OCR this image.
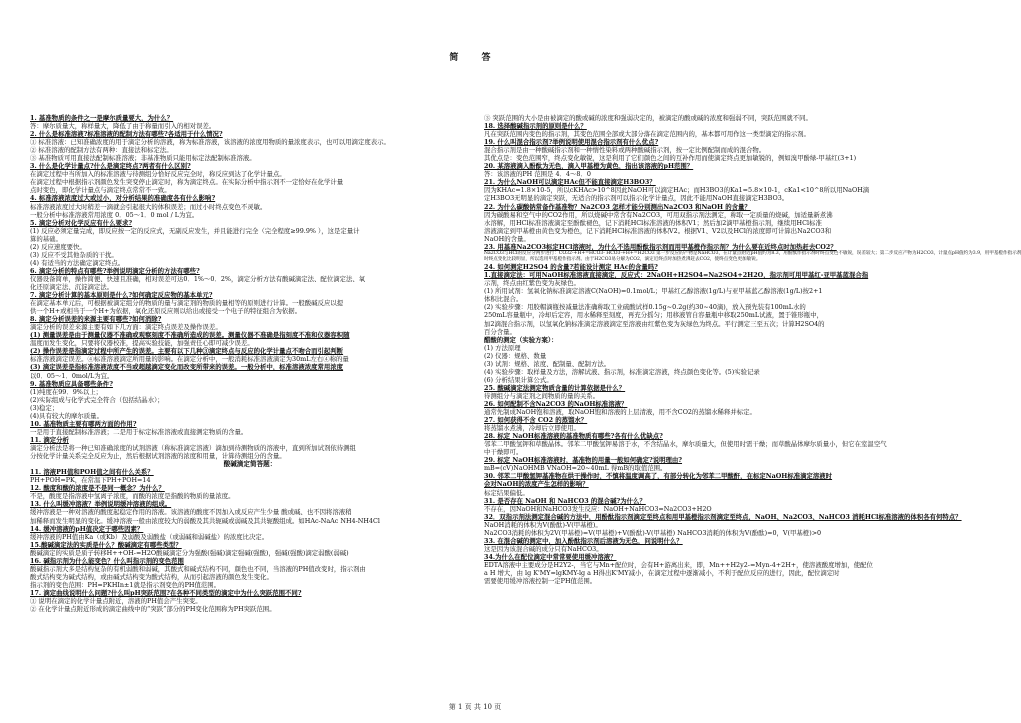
简 答
1. 基准物质的条件之一是摩尔质量要大，为什么？
答：摩尔质量大，称样量大，降低了由于称量而引入的相对误差。
2. 什么是标准溶液?标准溶液的配制方法有哪些?各适用于什么情况?
① 标准溶液：已知准确浓度的用于滴定分析的溶液，称为标准溶液，该溶液的浓度用物质的量浓度表示，也可以用滴定度表示。
② 标准溶液的配制方法有两种：直接法和标定法。
③ 基准物质可用直接法配制标准溶液；非基准物质只能用标定法配制标准溶液。
3. 什么是化学计量点?什么是滴定终点?两者有什么区别?
在滴定过程中当所加入的标准溶液与待测组分恰好反应完全时，称反应到达了化学计量点。
在滴定过程中根据指示剂颜色发生突变停止滴定时，称为滴定终点。在实际分析中指示剂不一定恰好在化学计量
点时变色，即化学计量点与滴定终点常常不一致。
4. 标准溶液浓度过大或过小，对分析结果的准确度各有什么影响?
标准溶液浓度过大时稍差一滴就会引起很大的体积误差；而过小时终点变色不灵敏。
一般分析中标准溶液常用浓度 0．05～1．0 mol / L为宜。
5. 滴定分析对化学反应有什么要求?
(1) 反应必须定量完成，即反应按一定的反应式，无副反应发生，并且能进行完全（完全程度≥99.9% ），这是定量计
算的基础。
(2) 反应速度要快。
(3) 反应不受其他杂质的干扰。
(4) 有适当的方法确定滴定终点。
6. 滴定分析的特点有哪些?举例说明滴定分析的方法有哪些?
仪器设备简单，操作简便、快速且准确，相对误差可达0．1%～0．2%，滴定分析方法有酸碱滴定法、配位滴定法、氧
化还原滴定法、沉淀滴定法。
7. 滴定分析计算的基本原则是什么?如何确定反应物的基本单元?
在滴定基本单元后，可根据被滴定组分的物质的量与滴定剂的物质的量相等的原则进行计算。一般酸碱反应以提
供一个H+或相当于一个H+为依据，氧化还原反应则以给出或接受一个电子的特征组合为依据。
8. 滴定分析误差的来源主要有哪些?如何消除?
滴定分析的误差来源主要有如下几方面：滴定终点误差及操作误差。
(1) 测量误差是由于测量仪器不准确或观察刻度不准确所造成的误差。测量仪器不准确是指刻度不准和仪器容积随
温度而发生变化，只要将仪器校准，提高实验技能，加强责任心即可减少误差。
(2) 操作误差是指滴定过程中所产生的误差。主要有以下几种③滴定终点与反应的化学计量点不吻合而引起判断
标准溶液滴定误差。④标准溶液滴定所用量的影响。在滴定分析中，一般消耗标准溶液滴定为30mL左右④称的量
(3) 滴定误差是指标准溶液浓度不当或超越滴定变化而改变所带来的误差。一般分析中，标准溶液浓度常用浓度
以0．05～1．0mol/L为宜。
9. 基准物质应具备哪些条件?
(1)纯度在99．9%以上；
(2)实际组成与化学式完全符合（包括结晶水）；
(3)稳定；
(4)具有较大的摩尔质量。
10. 基准物质主要有哪两方面的作用?
一是用于直接配制标准溶液；二是用于标定标准溶液或直接测定物质的含量。
11. 滴定分析
滴定分析法是将一种已知准确浓度的试剂溶液（称标准滴定溶液）滴加到待测物质的溶液中，直到所加试剂依待测组
分按化学计量关系完全反应为止，然后根据试剂溶液的浓度和用量，计算待测组分的含量。
酸碱滴定简答题：
11. 溶液PH值和POH值之间有什么关系？
PH+POH=PK，在常温下PH+POH=14
12. 酸度和酸的浓度是不是同一概念？为什么？
不是，酸度是指溶液中氢离子浓度，而酸的浓度是指酸的物质的量浓度。
13. 什么叫缓冲溶液？举例说明缓冲溶液的组成。
缓冲溶液是一种对溶液的酸度起稳定作用的溶液。该溶液的酸度不因加入或反应产生少量 酸或碱、也不因将溶液稍
加稀释而发生明显的变化。缓冲溶液一般由浓度较大的弱酸及其共轭碱或弱碱及其共轭酸组成。如HAc-NaAc NH4-NH4Cl
14. 缓冲溶液的pH值决定于哪些因素？
缓冲溶液的PH值由Ka（或Kb）及弱酸及弱酸盐（或弱碱和弱碱盐）的浓度比决定。
15.酸碱滴定法的实质是什么？酸碱滴定有哪些类型？
酸碱滴定的实质是质子转移H++OH-=H2O酸碱滴定分为强酸(强碱)滴定强碱(强酸)，强碱(强酸)滴定弱酸(弱碱)
16. 碱指示剂为什么能变色？什么叫指示剂的变色范围
酸碱指示剂大多是结构复杂的有机弱酸和弱碱，其酸式和碱式结构不同，颜色也不同，当溶液的PH值改变时，指示剂由
酸式结构变为碱式结构，或由碱式结构变为酸式结构，从而引起溶液的颜色发生变化。
指示剂的变色范围：PH=PKHIn±1就是指示剂变色的PH值范围。
17. 滴定曲线说明什么问题?什么叫pH突跃范围?在各种不同类型的滴定中为什么突跃范围不同?
① 说明在滴定的化学计量点附近，溶液的PH值会产生突变。
② 在化学计量点附近形成的滴定曲线中的“突跃”部分的PH变化范围称为PH突跃范围。
③ 突跃范围的大小是由被滴定的酸或碱的浓度和强弱决定的，被滴定的酸或碱的浓度和强弱不同，突跃范围就不同。
18. 选择酸碱指示剂的原则是什么？
凡在突跃范围内变色的指示剂，其变色范围全部或大部分落在滴定范围内的，基本都可用作这一类型滴定的指示剂。
19. 什么叫混合指示剂?举例说明使用混合指示剂有什么优点?
混合指示剂是由一种酸碱指示剂和一种惰性染料或两种酸碱指示剂，按一定比例配制而成的混合物。
其优点是：变色范围窄，终点变化敏锐，这是利用了它们颜色之间的互补作用而使滴定终点更加敏锐的，例如溴甲酚绿-甲基红(3+1)
20. 某溶液滴入酚酞为无色，滴入甲基橙为黄色，指出该溶液的pH范围？
答：该溶液的PH 范围是 4．4～8．0
21. 为什么NaOH可以滴定HAc但不能直接滴定H3BO3？
因为KHAc=1.8×10-5，所以cKHAc>10^8因此NaOH可以滴定HAc；而H3BO3的Ka1=5.8×10-1，cKa1<10^8所以用NaOH滴
定H3BO3无明显的滴定突跃，无适合的指示剂可以指示化学计量点，因此不能用NaOH直接滴定H3BO3。
22. 为什么碳酸钠常备作基准物？Na2CO3 怎样才能分别测出Na2CO3 和NaOH 的含量？
因为碳酸易和空气中的CO2作用，所以烧碱中常含有Na2CO3，可用双指示剂法测定，称取一定质量的烧碱，加适量新煮沸
水溶解，用HCl标准溶液滴定至酚酞褪色，记下消耗HCl标准溶液的体积V1；然后加2滴甲基橙指示剂，继续用HCl标准
溶液滴定到甲基橙由黄色变为橙色，记下消耗HCl标准溶液的体积V2。根据V1、V2以及HCl的浓度即可计算出Na2CO3和
NaOH的含量。
23. 用基准Na2CO3标定HCl溶液时，为什么不选用酚酞指示剂而用甲基橙作指示剂？为什么要在近终点时加热赶去CO2？
Na2CO3与HCl的反应分两步进行：CO32-+H+=HCO3- HCO3-+H+=H2CO3 第一步反应的产物是NaHCO3，在计量点附近pH值约为8.3，用酚酞作指示剂时终点变色不敏锐，误差较大；第二步反应产物为H2CO3，计量点pH值约为3.9，用甲基橙作指示剂
时终点变化比较明显，所以选用甲基橙作指示剂。由于H2CO3易分解为CO2，滴定近终点时加热煮沸赶去CO2，使终点变色更加敏锐。
24. 如何测定H2SO4 的含量?若能设计测定 HAc的含量吗?
1.直接滴定法：可用NaOH标准溶液直接滴定，反应式：2NaOH+H2SO4=Na2SO4+2H2O，指示剂可用甲基红-亚甲基蓝混合指
示剂，终点由红紫色变为灰绿色。
(1) 所用试剂：氢氧化钠标准滴定溶液C(NaOH)=0.1mol/L；甲基红乙醇溶液(1g/L)与亚甲基蓝乙醇溶液(1g/L)按2+1
体积比混合。
(2) 实验步骤：用胶帽滴瓶按减量法准确称取工业硫酸试样0.15g~0.2g(约30~40滴)，放入预先装有100mL水的
250mL容量瓶中，冷却后定容，用水稀释至刻度，再充分摇匀；用移液管自容量瓶中移取250mL试液，置于锥形瓶中，
加2滴混合指示剂，以氢氧化钠标准滴定溶液滴定至溶液由红紫色变为灰绿色为终点。平行测定三至五次；计算H2SO4的
百分含量。
醋酸的测定（实验方案）：
(1) 方法原理
(2) 仪器：规格、数量
(3) 试剂：规格、浓度、配制量、配制方法。
(4) 实验步骤：取样量及方法，溶解试液、指示剂，标准滴定溶液，终点颜色变化等。(5)实验记录
(6) 分析结果计算公式。
25. 酸碱滴定法测定物质含量的计算依据是什么？
待测组分与滴定剂之间物质的量的关系。
26. 如何配制不含Na2CO3 的NaOH标准溶液？
通常先制成NaOH饱和溶液，取NaOH饱和溶液的上层清液，用不含CO2的蒸馏水稀释并标定。
27. 如何获得不含 CO2 的蒸馏水？
将蒸馏水煮沸，冷却后立即使用。
28. 标定 NaOH标准溶液的基准物质有哪些?各有什么优缺点?
邻苯二甲酸氢钾和草酸晶体。邻苯二甲酸氢钾易溶于水，不含结晶水，摩尔质量大，但使用时需干燥；而草酸晶体摩尔质量小，但它在室温空气
中干燥即可。
29. 标定 NaOH标准溶液时，基准物的用量一般如何确定?说明理由?
mB=(cV)NaOHMB VNaOH=20~40mL 得mB的取值范围。
30. 邻苯二甲酸氢钾基准物在烘干操作时，不慎将温度调高了，有部分转化为邻苯二甲酸酐，在标定NaOH标准滴定溶液时
会对NaOH的浓度产生怎样的影响？
标定结果偏低。
31. 是否存在 NaOH 和 NaHCO3 的混合碱?为什么？
不存在，因NaOH和NaHCO3发生反应：NaOH+NaHCO3=Na2CO3+H2O
32．双指示剂法测定混合碱的方法中，用酚酞指示剂滴定至终点和用甲基橙指示剂滴定至终点，NaOH、Na2CO3、NaHCO3 消耗HCl标准溶液的体积各有何特点？
NaOH消耗的体积为V(酚酞)-V(甲基橙)。
Na2CO3消耗的体积为2V(甲基橙)=V(甲基橙)+V(酚酞)-V(甲基橙) NaHCO3消耗的体积为V(酚酞)=0，V(甲基橙)>0
33. 在混合碱的测定中，加入酚酞指示剂后溶液为无色，问说明什么？
这是因为该混合碱的成分只有NaHCO3。
34.为什么在配位滴定中常常要使用缓冲溶液？
EDTA溶液中主要成分是H2Y2-，当它与Mn+配位时，会有H+游离出来，即，Mn++H2y2-=Myn-4+2H+，使溶液酸度增加，使配位
a H 增大，由 lg K'MY=lgKMY-lg a H得出K'MY减小，在滴定过程中逐渐减小，不利于配位反应的进行，因此，配位滴定时
需要使用缓冲溶液控制一定PH值范围。
第 1 页 共 10 页
